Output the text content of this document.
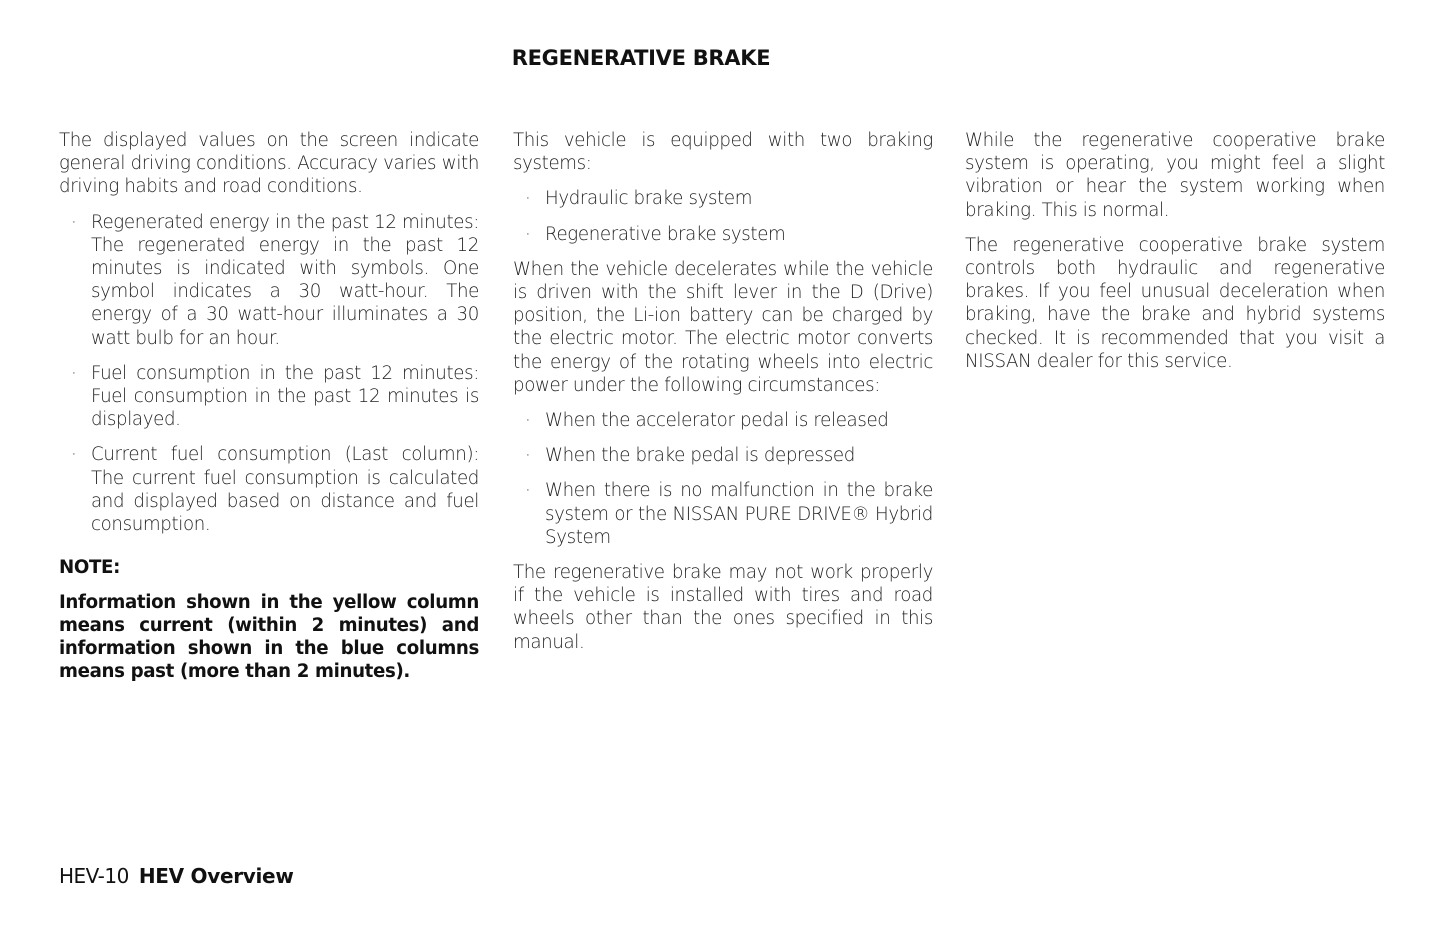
REGENERATIVE BRAKE

The displayed values on the screen indicate general driving conditions. Accuracy varies with driving habits and road conditions.

· Regenerated energy in the past 12 minutes: The regenerated energy in the past 12 minutes is indicated with symbols. One symbol indicates a 30 watt-hour. The energy of a 30 watt-hour illuminates a 30 watt bulb for an hour.
· Fuel consumption in the past 12 minutes: Fuel consumption in the past 12 minutes is displayed.
· Current fuel consumption (Last column): The current fuel consumption is calculated and displayed based on distance and fuel consumption.
NOTE:
Information shown in the yellow column means current (within 2 minutes) and information shown in the blue columns means past (more than 2 minutes).

This vehicle is equipped with two braking systems:

· Hydraulic brake system
· Regenerative brake system

When the vehicle decelerates while the vehicle is driven with the shift lever in the D (Drive) position, the Li-ion battery can be charged by the electric motor. The electric motor converts the energy of the rotating wheels into electric power under the following circumstances:

· When the accelerator pedal is released
· When the brake pedal is depressed
· When there is no malfunction in the brake system or the NISSAN PURE DRIVE® Hybrid System

The regenerative brake may not work properly if the vehicle is installed with tires and road wheels other than the ones specified in this manual.

While the regenerative cooperative brake system is operating, you might feel a slight vibration or hear the system working when braking. This is normal.

The regenerative cooperative brake system controls both hydraulic and regenerative brakes. If you feel unusual deceleration when braking, have the brake and hybrid systems checked. It is recommended that you visit a NISSAN dealer for this service.

HEV-10 HEV Overview
